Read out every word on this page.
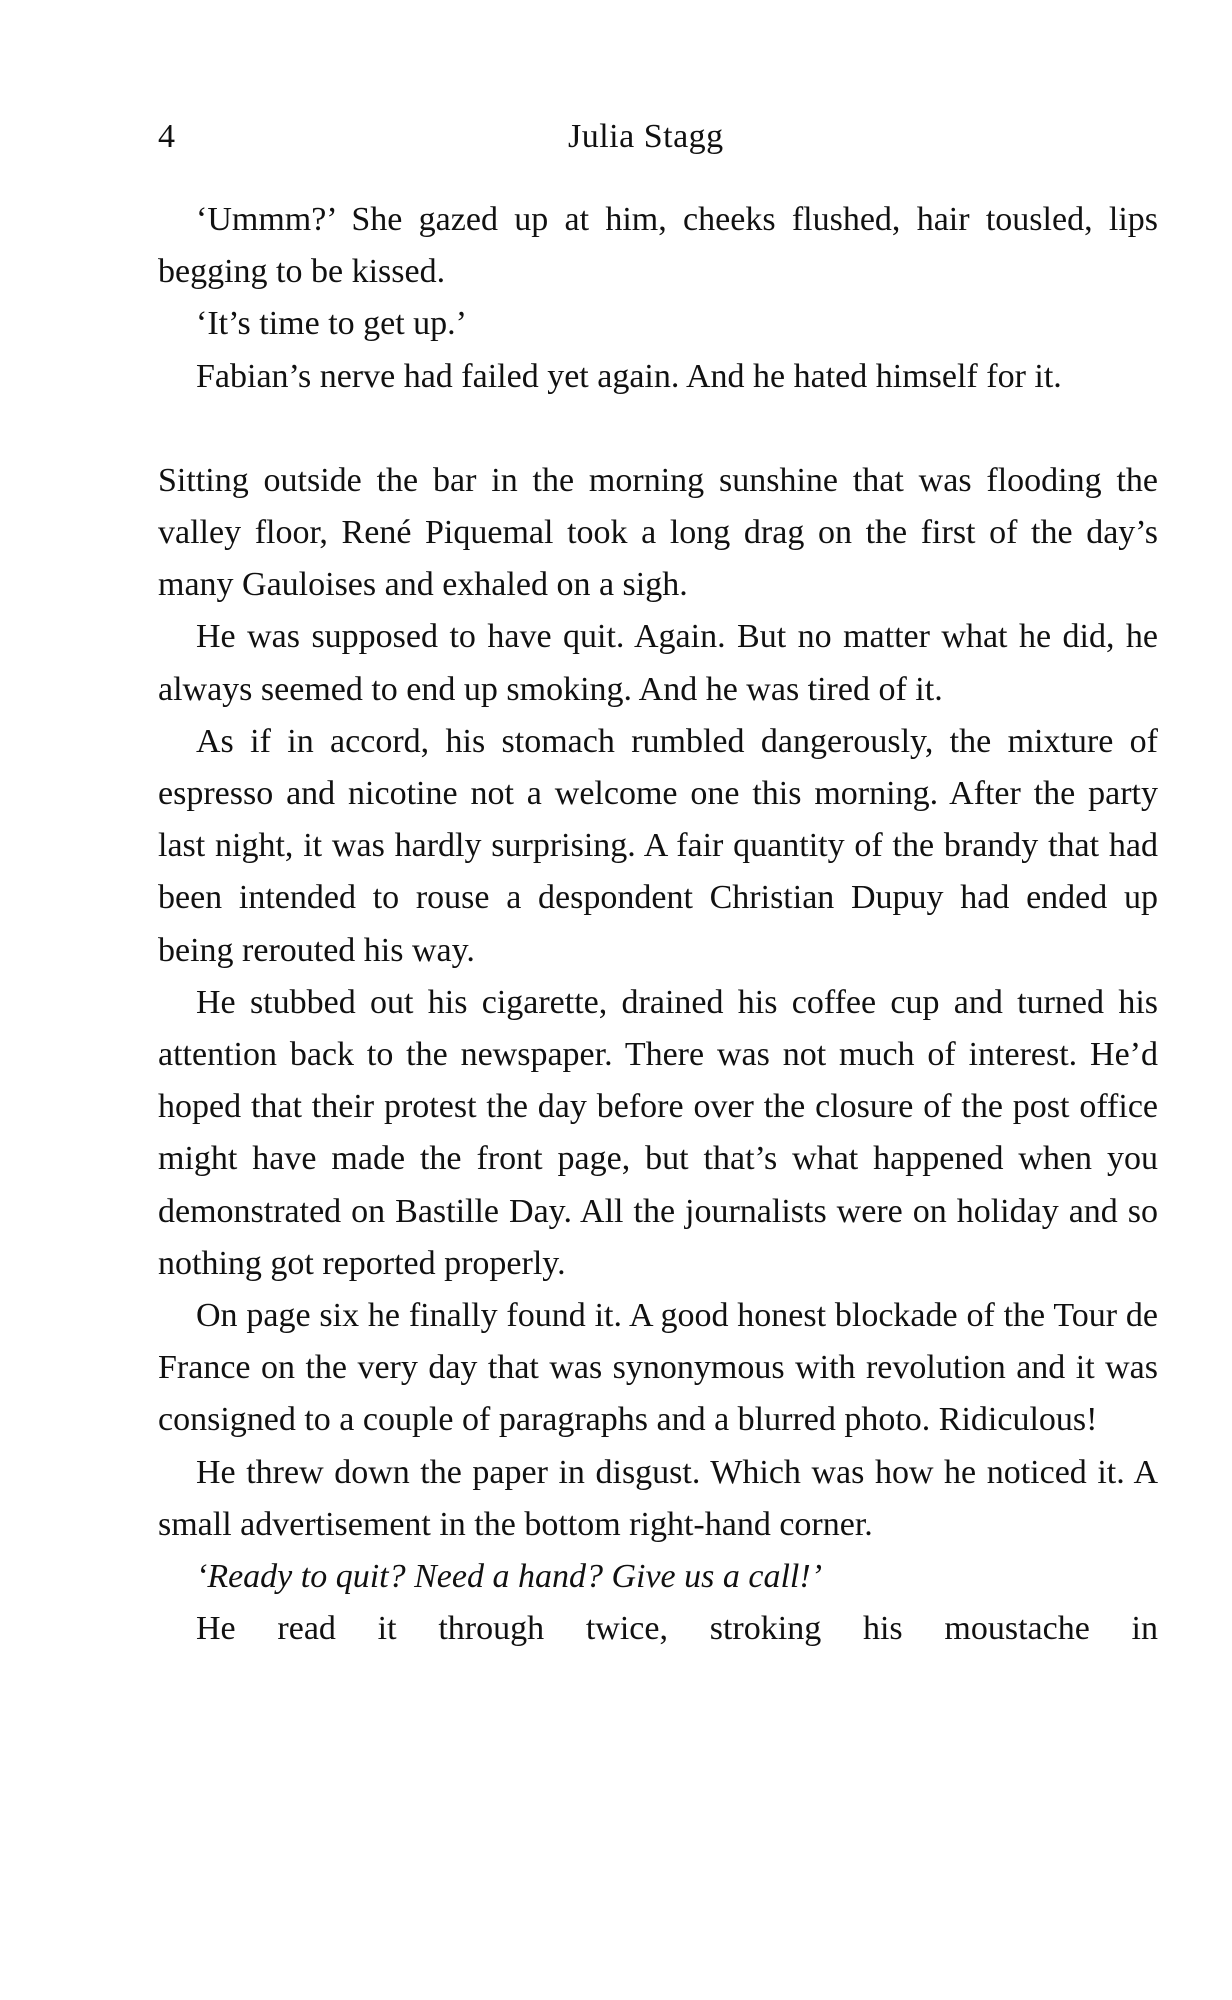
4	Julia Stagg

‘Ummm?’ She gazed up at him, cheeks flushed, hair tousled, lips begging to be kissed.

‘It’s time to get up.’

Fabian’s nerve had failed yet again. And he hated himself for it.

Sitting outside the bar in the morning sunshine that was flooding the valley floor, René Piquemal took a long drag on the first of the day’s many Gauloises and exhaled on a sigh.

He was supposed to have quit. Again. But no matter what he did, he always seemed to end up smoking. And he was tired of it.

As if in accord, his stomach rumbled dangerously, the mixture of espresso and nicotine not a welcome one this morning. After the party last night, it was hardly surprising. A fair quantity of the brandy that had been intended to rouse a despondent Christian Dupuy had ended up being rerouted his way.

He stubbed out his cigarette, drained his coffee cup and turned his attention back to the newspaper. There was not much of interest. He’d hoped that their protest the day before over the closure of the post office might have made the front page, but that’s what happened when you demonstrated on Bastille Day. All the journalists were on holiday and so nothing got reported properly.

On page six he finally found it. A good honest blockade of the Tour de France on the very day that was synonymous with revolution and it was consigned to a couple of paragraphs and a blurred photo. Ridiculous!

He threw down the paper in disgust. Which was how he noticed it. A small advertisement in the bottom right-hand corner.

‘Ready to quit? Need a hand? Give us a call!’

He read it through twice, stroking his moustache in
